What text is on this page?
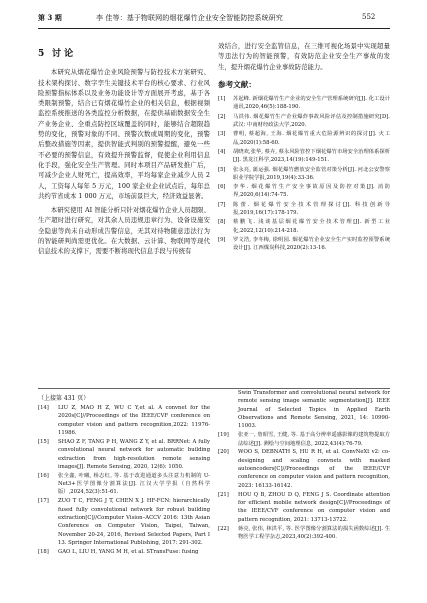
第 3 期	李 佳等：基于物联网的烟花爆竹企业安全智能防控系统研究	552
5 讨 论

本研究从烟花爆竹企业风险预警与防控技术方案研究、技术架构探讨、数字孪生关键技术平台的核心要求、行业风险预警指标体系以及业务功能设计等方面展开考虑，基于各类限制预警，结合已有烟花爆竹企业的相关信息，根据视频监控系统推送的各类监控分析数据，在提供基础数据安全生产业务企业、全重点防控区域覆盖的同时，能够结合超限趋势的变化，预警对象的不同、预警次数或周期的变化，预警后整改措施等因素，提供智能式判别的预警提醒，避免一些不必要的预警信息，有效提升预警监督，促使企业利用信息化手段，强化安全生产管理。同时本项目产品研发推广后，可减少企业人财死亡，提高效率，平均每家企业减少人员 2 人，工资每人每年 5 万元，100 家企业企业试点后，每年总共约节省成本 1 000 万元，市场前景巨大，经济效益显著。

本研究使用 AI 智能分析只针对烟花爆竹企业人员超限、生产超时进行研究，对其余人员违规违章行为、设备设施安全隐患等尚未自动形成告警信息，无其对待物随意违法行为的智能研判尚需更优化。在大数据、云计算、物联网等现代信息技术的支撑下，需要不断将现代信息手段与传统有

效结合，进行安全监管信息，在三维可视化场景中实现超量等违法行为的智能预警，有效防范企业安全生产事故的发生，提升烟花爆竹企业事故防范能力。

参考文献：
[1] 苏起峰. 新烟花爆竹生产企业的安全生产管理系统研究[J]. 化工设计通讯,2020,46(5):188-190.
[2] 马洪伟. 烟花爆竹生产企业爆炸事故风险评估及控制措施研究[D]. 武汉: 中南财经政法大学,2020.
[3] 曹明, 蔡超海, 王海. 烟花爆竹重大危险源辨识的探讨[J]. 火工品,2020(1):58-60.
[4] 胡晓欢,张华, 蔡卉, 蔡永风险管控下烟花爆竹市场安全治理体系探析[J]. 黑龙江科学,2023,14(19):149-151.
[5] 张永亮, 蒲运强. 烟花爆竹燃放安全监管对策分析[J]. 河北公安警察职业学院学报,2019,19(4):33-36.
[6] 李华. 烟花爆竹生产安全事故原因及防控对策[J]. 消防界,2020,6(14):74-75.
[7] 陈蕾. 烟花爆竹安全技术管理探讨[J]. 科技创新导报,2019,16(17):178-179.
[8] 蔡鹏飞. 浅谈基层烟花爆竹安全技术管理[J]. 新型工业化,2022,12(10):214-218.
[9] 罗文浩, 李冬梅, 徐明园. 烟花爆竹企业安全生产实时监控预警系统设计[J]. 江西煤炭科技,2020(2):13-16.
（上接第 431 页）
[14] LIU Z, MAO H Z, WU C Y,et al. A convnet for the 2020s[C]//Proceedings of the IEEE/CVF conference on computer vision and pattern recognition,2022: 11976-11986.
[15] SHAO Z F, TANG P H, WANG Z Y, et al. BRRNet: A fully convolutional neural network for automatic building extraction from high-resolution remote sensing images[J]. Remote Sensing, 2020, 12(6): 1050.
[16] 张全鑫, 叶曦, 杨志红, 等. 基于改进通道多头注意力机制的 U-Net3+医学图像分割算法[J]. 江汉大学学报（自然科学版）,2024,52(3):51-61.
[17] ZUO T C, FENG J T, CHEN X J. HF-FCN: hierarchically fused fully convolutional network for robust building extraction[C]//Computer Vision–ACCV 2016: 13th Asian Conference on Computer Vision, Taipei, Taiwan, November 20-24, 2016, Revised Selected Papers, Part I 13. Springer International Publishing, 2017: 291-302.
[18] GAO L, LIU H, YANG M H, et al. STransFuse: fusing
Swin Transformer and convolutional neural network for remote sensing image semantic segmentation[J]. IEEE Journal of Selected Topics in Applied Earth Observations and Remote Sensing, 2021, 14: 10990-11003.
[19] 张亚一, 詹昭雪, 王健, 等. 基于高分辨率遥感影像的建筑物提取方法综述[J]. 测绘与空间地理信息, 2022,43(4):76-79.
[20] WOO S, DEBNATH S, HU R H, et al. ConvNeXt v2: co-designing and scaling convnets with masked autoencoders[C]//Proceedings of the IEEE/CVF conference on computer vision and pattern recognition, 2023: 16133-16142.
[21] HOU Q B, ZHOU D Q, FENG J S. Coordinate attention for efficient mobile network design[C]//Proceedings of the IEEE/CVF conference on computer vision and pattern recognition, 2021: 13713-13722.
[22] 蒋亮, 张伟, 林洪平, 等. 医学图像分割算法的损失函数综述[J]. 生物医学工程学杂志,2023,40(2):392-400.
